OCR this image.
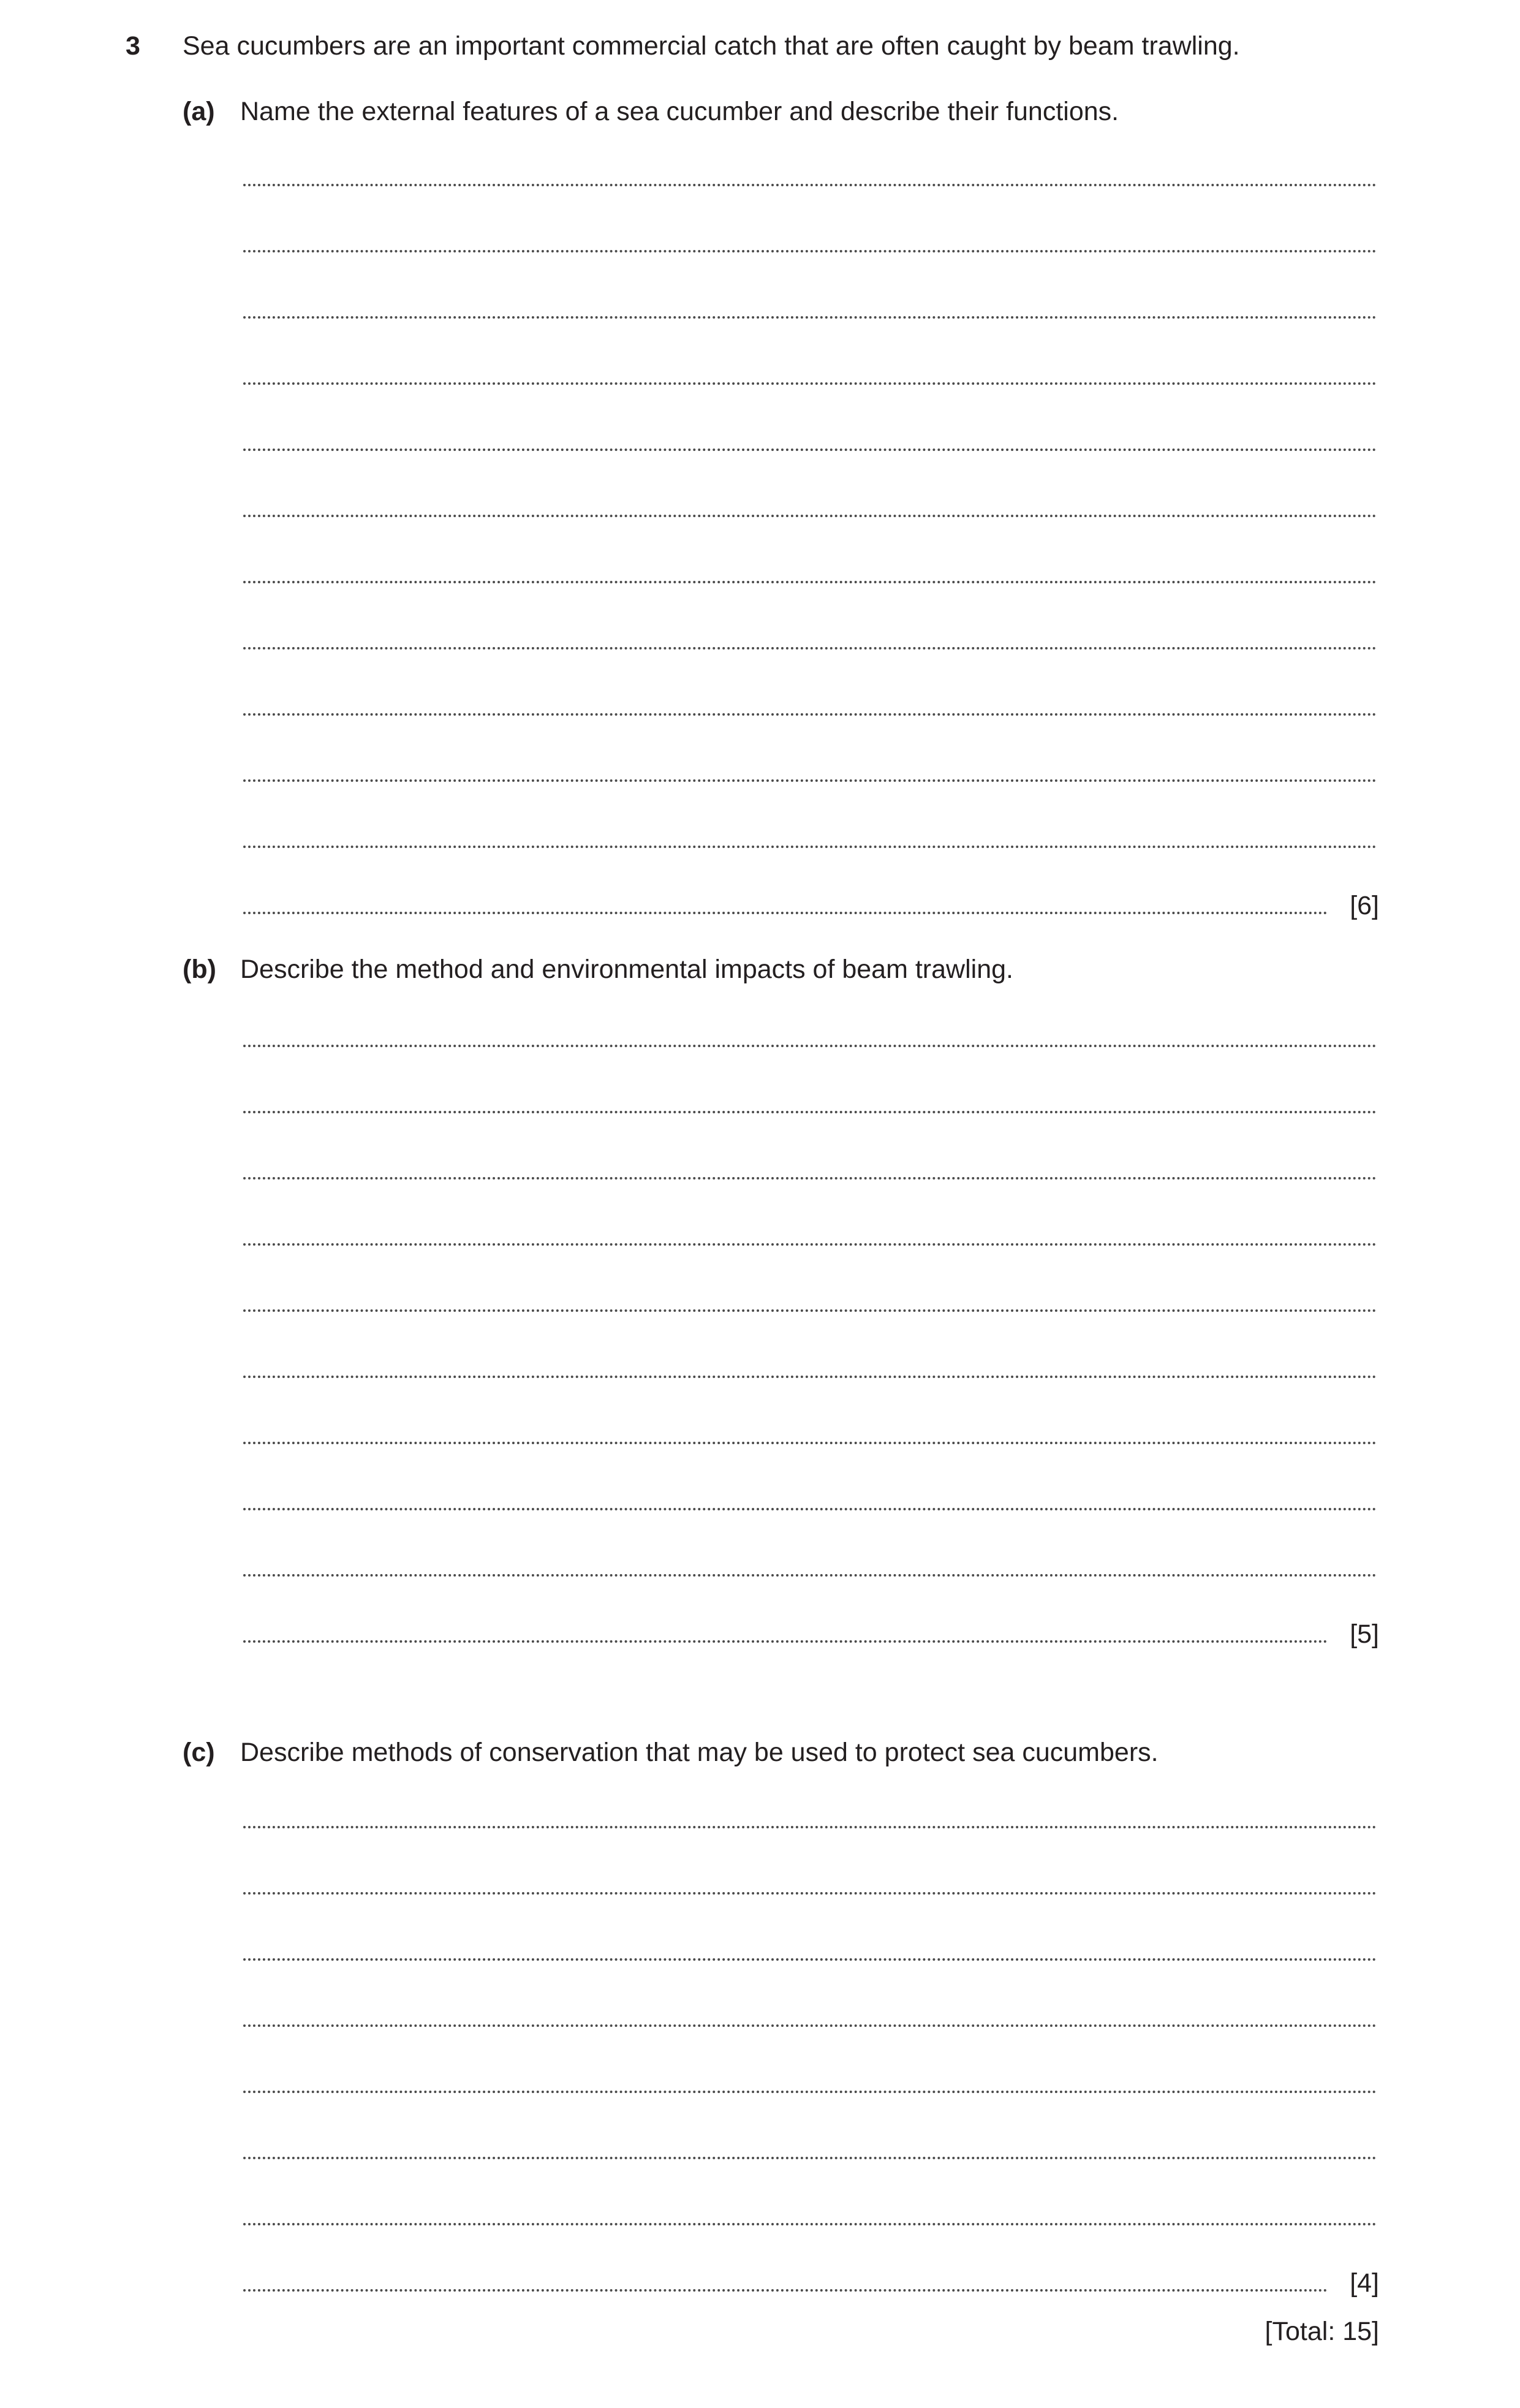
3 Sea cucumbers are an important commercial catch that are often caught by beam trawling.
(a) Name the external features of a sea cucumber and describe their functions.
[6]
(b) Describe the method and environmental impacts of beam trawling.
[5]
(c) Describe methods of conservation that may be used to protect sea cucumbers.
[4]
[Total: 15]
